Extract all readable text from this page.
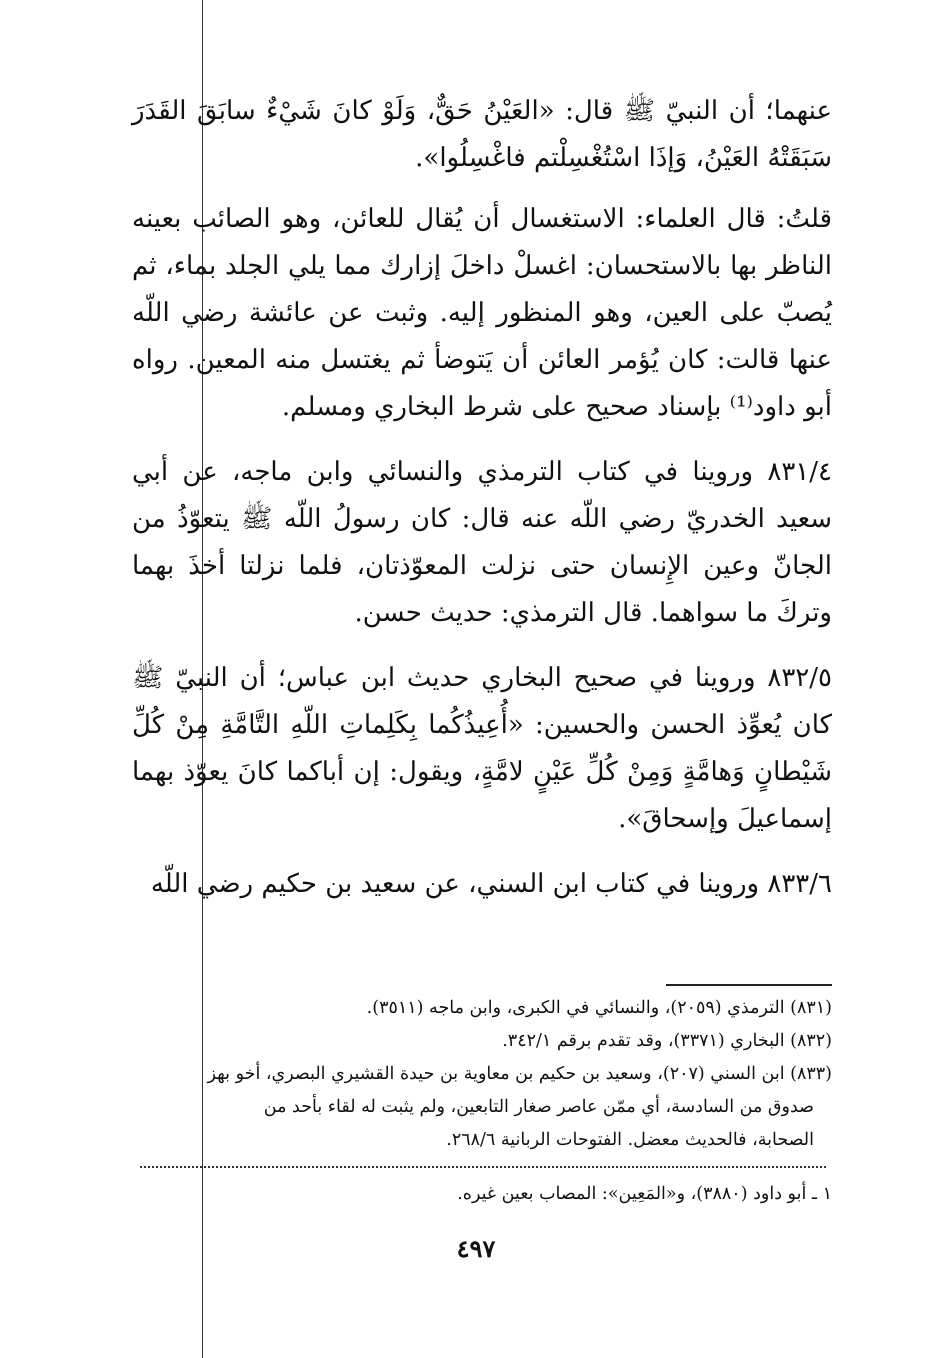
عنهما؛ أن النبيّ ﷺ قال: «العَيْنُ حَقٌّ، وَلَوْ كانَ شَيْءٌ سابَقَ القَدَرَ سَبَقَتْهُ العَيْنُ، وَإذَا اسْتُغْسِلْتم فاغْسِلُوا».

قلتُ: قال العلماء: الاستغسال أن يُقال للعائن، وهو الصائب بعينه الناظر بها بالاستحسان: اغسلْ داخلَ إزارك مما يلي الجلد بماء، ثم يُصبّ على العين، وهو المنظور إليه. وثبت عن عائشة رضي اللّه عنها قالت: كان يُؤمر العائن أن يَتوضأ ثم يغتسل منه المعين. رواه أبو داود⁽¹⁾ بإسناد صحيح على شرط البخاري ومسلم.

٨٣١/٤ وروينا في كتاب الترمذي والنسائي وابن ماجه، عن أبي سعيد الخدريّ رضي اللّه عنه قال: كان رسولُ اللّه ﷺ يتعوّذُ من الجانّ وعين الإِنسان حتى نزلت المعوّذتان، فلما نزلتا أخذَ بهما وتركَ ما سواهما. قال الترمذي: حديث حسن.

٨٣٢/٥ وروينا في صحيح البخاري حديث ابن عباس؛ أن النبيّ ﷺ كان يُعوِّذ الحسن والحسين: «أُعِيذُكُما بِكَلِماتِ اللّهِ التَّامَّةِ مِنْ كُلِّ شَيْطانٍ وَهامَّةٍ وَمِنْ كُلِّ عَيْنٍ لامَّةٍ، ويقول: إن أباكما كانَ يعوّذ بهما إسماعيلَ وإسحاقَ».

٨٣٣/٦ وروينا في كتاب ابن السني، عن سعيد بن حكيم رضي اللّه

(٨٣١) الترمذي (٢٠٥٩)، والنسائي في الكبرى، وابن ماجه (٣٥١١).

(٨٣٢) البخاري (٣٣٧١)، وقد تقدم برقم ٣٤٢/١.

(٨٣٣) ابن السني (٢٠٧)، وسعيد بن حكيم بن معاوية بن حيدة القشيري البصري، أخو بهز

صدوق من السادسة، أي ممّن عاصر صغار التابعين، ولم يثبت له لقاء بأحد من

الصحابة، فالحديث معضل. الفتوحات الربانية ٢٦٨/٦.

١ ـ أبو داود (٣٨٨٠)، و«المَعِين»: المصاب بعين غيره.

٤٩٧
